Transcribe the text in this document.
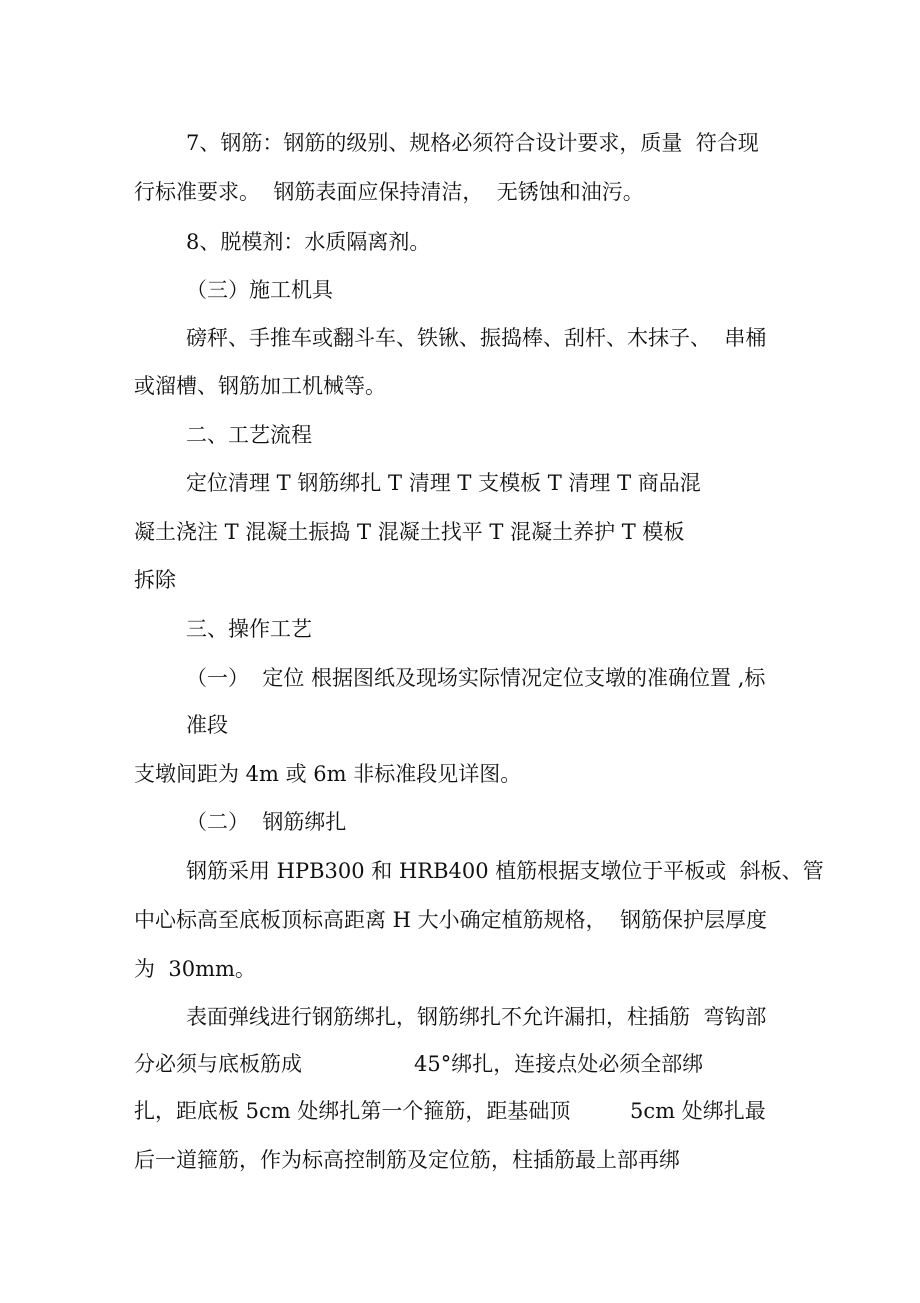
7、钢筋：钢筋的级别、规格必须符合设计要求，质量  符合现

行标准要求。  钢筋表面应保持清洁，  无锈蚀和油污。

8、脱模剂：水质隔离剂。

（三）施工机具

磅秤、手推车或翻斗车、铁锹、振捣棒、刮杆、木抹子、  串桶

或溜槽、钢筋加工机械等。

二、工艺流程

定位清理 T 钢筋绑扎 T 清理 T 支模板 T 清理 T 商品混

凝土浇注 T 混凝土振捣 T 混凝土找平 T 混凝土养护 T 模板

拆除

三、操作工艺

（一）  定位 根据图纸及现场实际情况定位支墩的准确位置 ,标

准段

支墩间距为 4m 或 6m 非标准段见详图。

（二）  钢筋绑扎

钢筋采用 HPB300 和 HRB400 植筋根据支墩位于平板或  斜板、管

中心标高至底板顶标高距离 H 大小确定植筋规格，  钢筋保护层厚度

为  30mm。

表面弹线进行钢筋绑扎，钢筋绑扎不允许漏扣，柱插筋  弯钩部

分必须与底板筋成	45°绑扎，连接点处必须全部绑

扎，距底板 5cm 处绑扎第一个箍筋，距基础顶	5cm 处绑扎最

后一道箍筋，作为标高控制筋及定位筋，柱插筋最上部再绑
